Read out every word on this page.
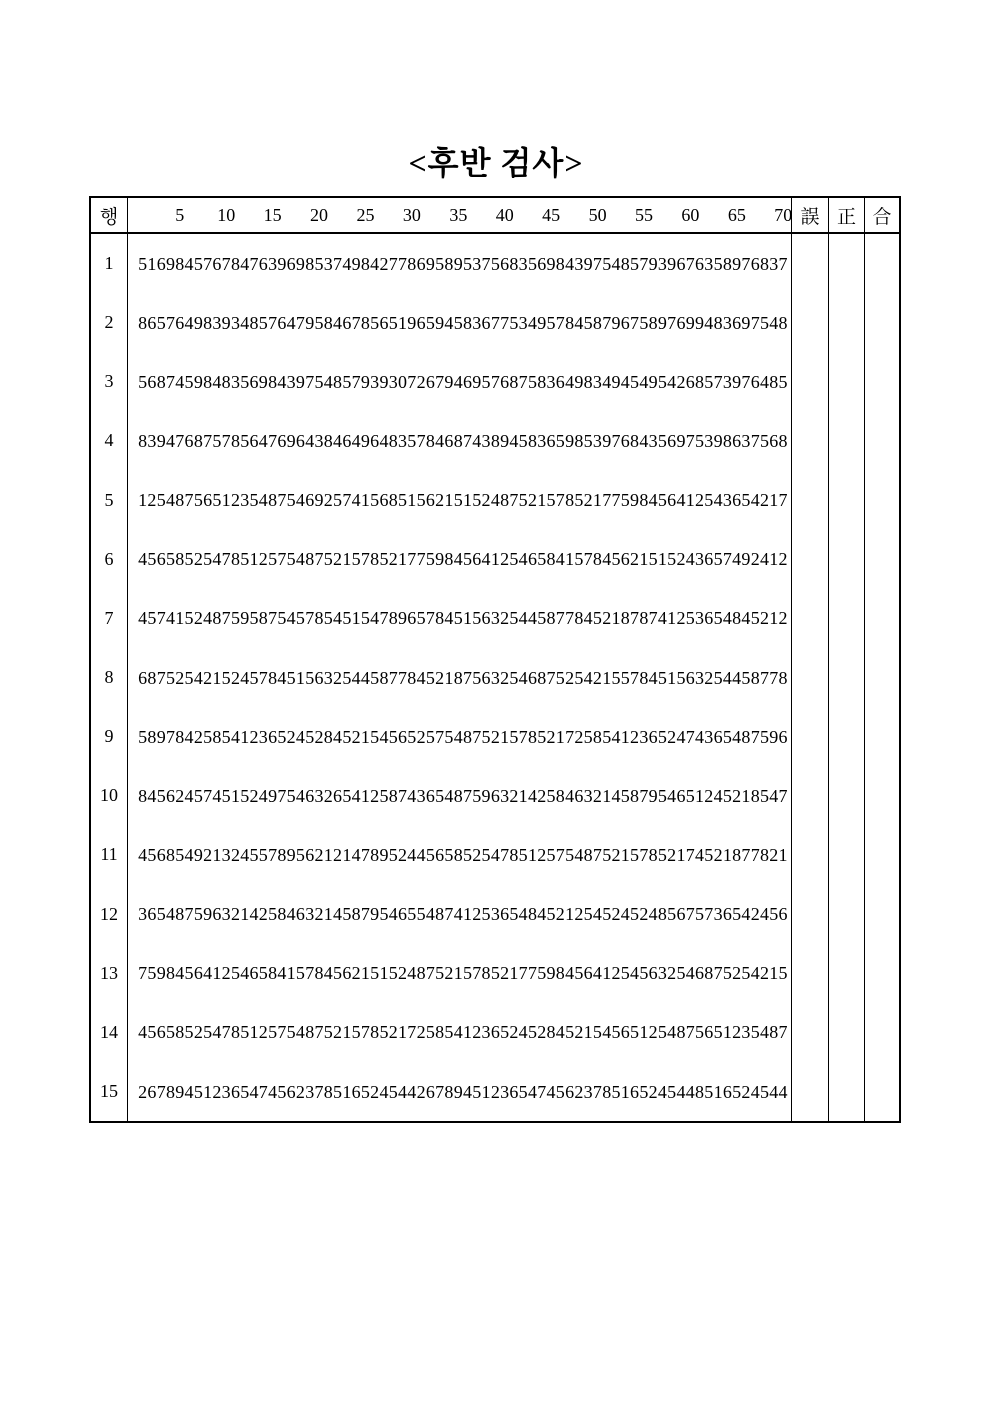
<후반 검사>
행
1
2
3
4
5
6
7
8
9
10
11
12
13
14
15
5 10 15 20 25 30 35 40 45 50 55 60 65 70
5 1 6 9 8 4 5 7 6 7 8 4 7 6 3 9 6 9 8 5 3 7 4 9 8 4 2 7 7 8 6 9 5 8 9 5 3 7 5 6 8 3 5 6 9 8 4 3 9 7 5 4 8 5 7 9 3 9 6 7 6 3 5 8 9 7 6 8 3 7
8 6 5 7 6 4 9 8 3 9 3 4 8 5 7 6 4 7 9 5 8 4 6 7 8 5 6 5 1 9 6 5 9 4 5 8 3 6 7 7 5 3 4 9 5 7 8 4 5 8 7 9 6 7 5 8 9 7 6 9 9 4 8 3 6 9 7 5 4 8
5 6 8 7 4 5 9 8 4 8 3 5 6 9 8 4 3 9 7 5 4 8 5 7 9 3 9 3 0 7 2 6 7 9 4 6 9 5 7 6 8 7 5 8 3 6 4 9 8 3 4 9 4 5 4 9 5 4 2 6 8 5 7 3 9 7 6 4 8 5
8 3 9 4 7 6 8 7 5 7 8 5 6 4 7 6 9 6 4 3 8 4 6 4 9 6 4 8 3 5 7 8 4 6 8 7 4 3 8 9 4 5 8 3 6 5 9 8 5 3 9 7 6 8 4 3 5 6 9 7 5 3 9 8 6 3 7 5 6 8
1 2 5 4 8 7 5 6 5 1 2 3 5 4 8 7 5 4 6 9 2 5 7 4 1 5 6 8 5 1 5 6 2 1 5 1 5 2 4 8 7 5 2 1 5 7 8 5 2 1 7 7 5 9 8 4 5 6 4 1 2 5 4 3 6 5 4 2 1 7
4 5 6 5 8 5 2 5 4 7 8 5 1 2 5 7 5 4 8 7 5 2 1 5 7 8 5 2 1 7 7 5 9 8 4 5 6 4 1 2 5 4 6 5 8 4 1 5 7 8 4 5 6 2 1 5 1 5 2 4 3 6 5 7 4 9 2 4 1 2
4 5 7 4 1 5 2 4 8 7 5 9 5 8 7 5 4 5 7 8 5 4 5 1 5 4 7 8 9 6 5 7 8 4 5 1 5 6 3 2 5 4 4 5 8 7 7 8 4 5 2 1 8 7 8 7 4 1 2 5 3 6 5 4 8 4 5 2 1 2
6 8 7 5 2 5 4 2 1 5 2 4 5 7 8 4 5 1 5 6 3 2 5 4 4 5 8 7 7 8 4 5 2 1 8 7 5 6 3 2 5 4 6 8 7 5 2 5 4 2 1 5 5 7 8 4 5 1 5 6 3 2 5 4 4 5 8 7 7 8
5 8 9 7 8 4 2 5 8 5 4 1 2 3 6 5 2 4 5 2 8 4 5 2 1 5 4 5 6 5 2 5 7 5 4 8 7 5 2 1 5 7 8 5 2 1 7 2 5 8 5 4 1 2 3 6 5 2 4 7 4 3 6 5 4 8 7 5 9 6
8 4 5 6 2 4 5 7 4 5 1 5 2 4 9 7 5 4 6 3 2 6 5 4 1 2 5 8 7 4 3 6 5 4 8 7 5 9 6 3 2 1 4 2 5 8 4 6 3 2 1 4 5 8 7 9 5 4 6 5 1 2 4 5 2 1 8 5 4 7
4 5 6 8 5 4 9 2 1 3 2 4 5 5 7 8 9 5 6 2 1 2 1 4 7 8 9 5 2 4 4 5 6 5 8 5 2 5 4 7 8 5 1 2 5 7 5 4 8 7 5 2 1 5 7 8 5 2 1 7 4 5 2 1 8 7 7 8 2 1
3 6 5 4 8 7 5 9 6 3 2 1 4 2 5 8 4 6 3 2 1 4 5 8 7 9 5 4 6 5 5 4 8 7 4 1 2 5 3 6 5 4 8 4 5 2 1 2 5 4 5 2 4 5 2 4 8 5 6 7 5 7 3 6 5 4 2 4 5 6
7 5 9 8 4 5 6 4 1 2 5 4 6 5 8 4 1 5 7 8 4 5 6 2 1 5 1 5 2 4 8 7 5 2 1 5 7 8 5 2 1 7 7 5 9 8 4 5 6 4 1 2 5 4 5 6 3 2 5 4 6 8 7 5 2 5 4 2 1 5
4 5 6 5 8 5 2 5 4 7 8 5 1 2 5 7 5 4 8 7 5 2 1 5 7 8 5 2 1 7 2 5 8 5 4 1 2 3 6 5 2 4 5 2 8 4 5 2 1 5 4 5 6 5 1 2 5 4 8 7 5 6 5 1 2 3 5 4 8 7
2 6 7 8 9 4 5 1 2 3 6 5 4 7 4 5 6 2 3 7 8 5 1 6 5 2 4 5 4 4 2 6 7 8 9 4 5 1 2 3 6 5 4 7 4 5 6 2 3 7 8 5 1 6 5 2 4 5 4 4 8 5 1 6 5 2 4 5 4 4
誤 正 合
